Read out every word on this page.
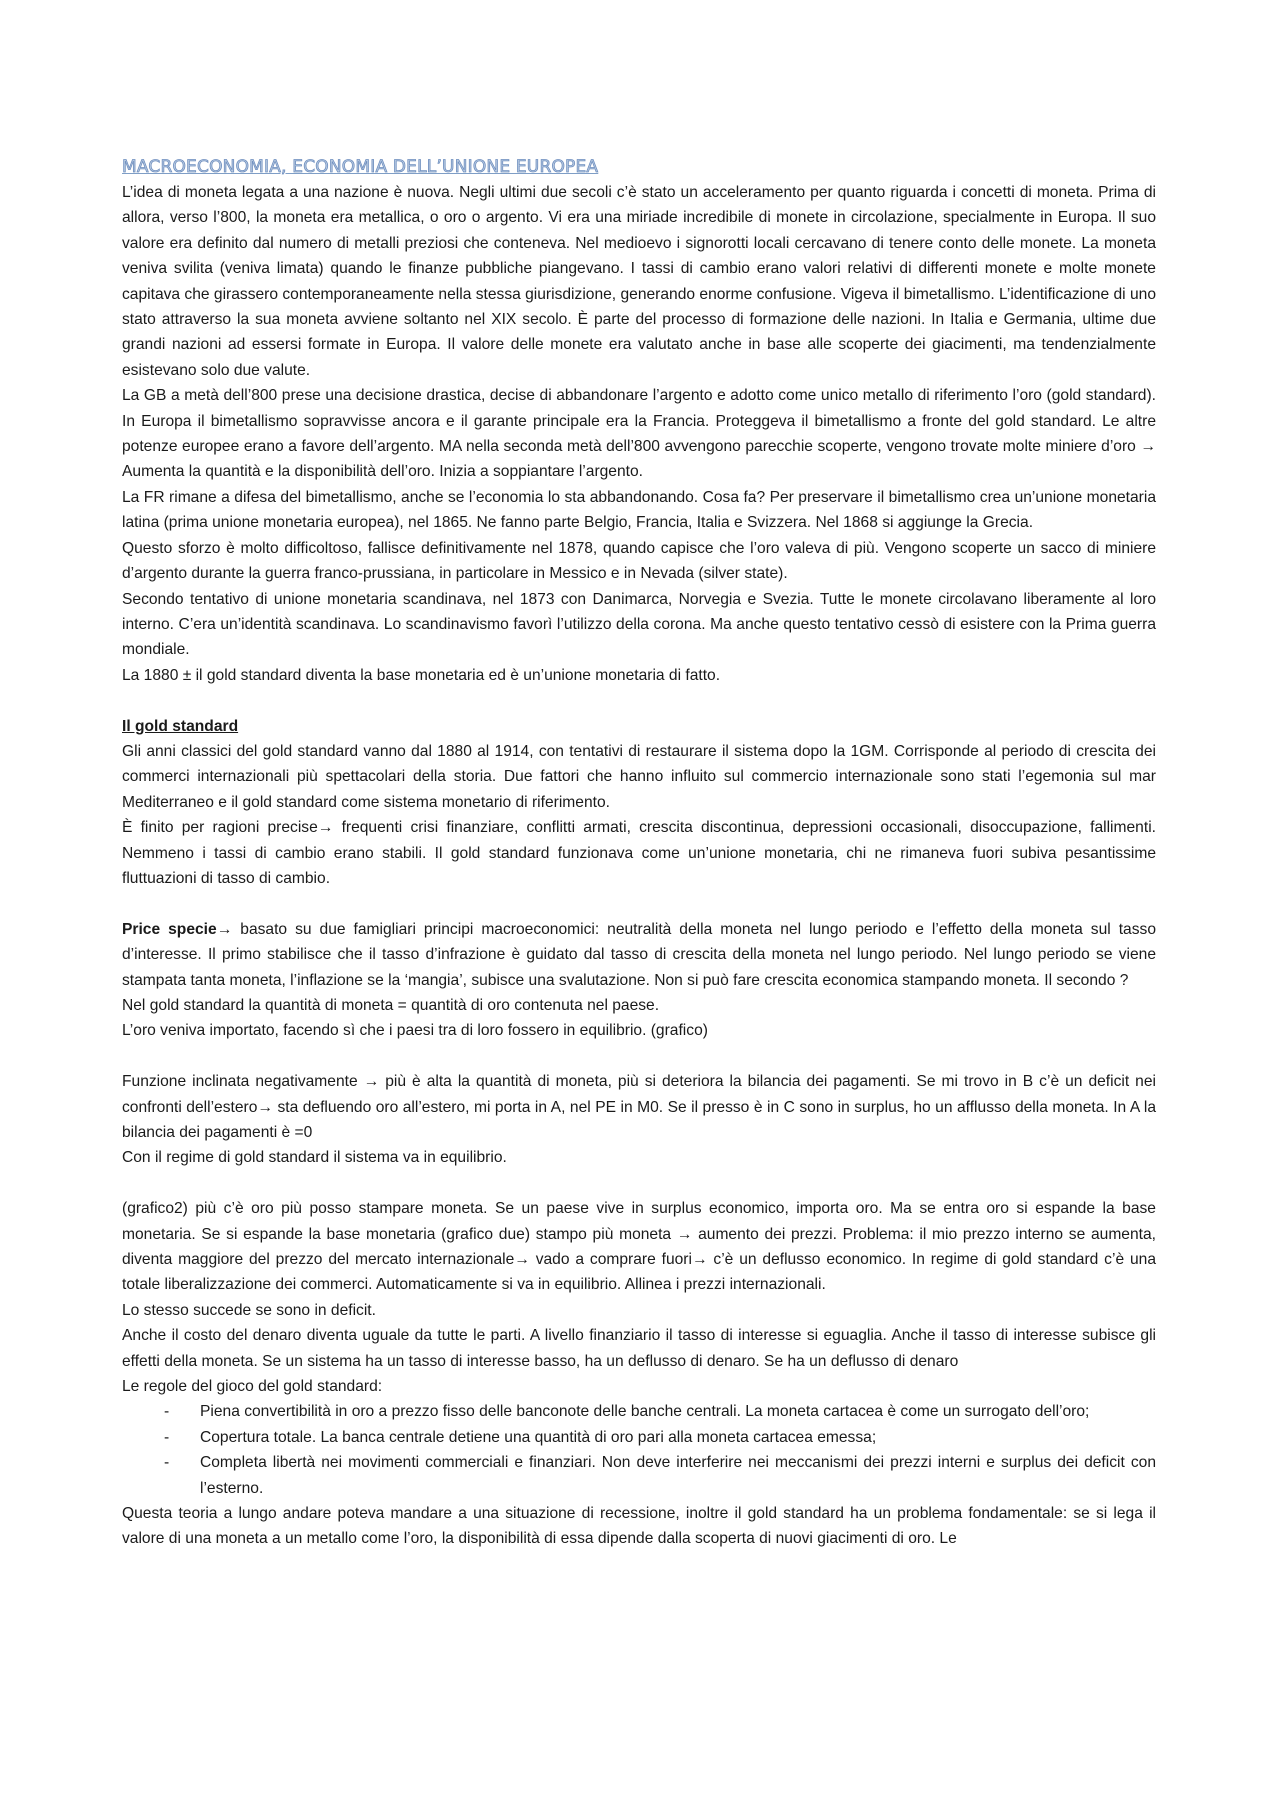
MACROECONOMIA, ECONOMIA DELL’UNIONE EUROPEA

L’idea di moneta legata a una nazione è nuova. Negli ultimi due secoli c’è stato un acceleramento per quanto riguarda i concetti di moneta. Prima di allora, verso l’800, la moneta era metallica, o oro o argento. Vi era una miriade incredibile di monete in circolazione, specialmente in Europa. Il suo valore era definito dal numero di metalli preziosi che conteneva. Nel medioevo i signorotti locali cercavano di tenere conto delle monete. La moneta veniva svilita (veniva limata) quando le finanze pubbliche piangevano. I tassi di cambio erano valori relativi di differenti monete e molte monete capitava che girassero contemporaneamente nella stessa giurisdizione, generando enorme confusione. Vigeva il bimetallismo. L’identificazione di uno stato attraverso la sua moneta avviene soltanto nel XIX secolo. È parte del processo di formazione delle nazioni. In Italia e Germania, ultime due grandi nazioni ad essersi formate in Europa. Il valore delle monete era valutato anche in base alle scoperte dei giacimenti, ma tendenzialmente esistevano solo due valute.

La GB a metà dell’800 prese una decisione drastica, decise di abbandonare l’argento e adotto come unico metallo di riferimento l’oro (gold standard). In Europa il bimetallismo sopravvisse ancora e il garante principale era la Francia. Proteggeva il bimetallismo a fronte del gold standard. Le altre potenze europee erano a favore dell’argento. MA nella seconda metà dell’800 avvengono parecchie scoperte, vengono trovate molte miniere d’oro → Aumenta la quantità e la disponibilità dell’oro. Inizia a soppiantare l’argento.

La FR rimane a difesa del bimetallismo, anche se l’economia lo sta abbandonando. Cosa fa? Per preservare il bimetallismo crea un’unione monetaria latina (prima unione monetaria europea), nel 1865. Ne fanno parte Belgio, Francia, Italia e Svizzera. Nel 1868 si aggiunge la Grecia.

Questo sforzo è molto difficoltoso, fallisce definitivamente nel 1878, quando capisce che l’oro valeva di più. Vengono scoperte un sacco di miniere d’argento durante la guerra franco-prussiana, in particolare in Messico e in Nevada (silver state).

Secondo tentativo di unione monetaria scandinava, nel 1873 con Danimarca, Norvegia e Svezia. Tutte le monete circolavano liberamente al loro interno. C’era un’identità scandinava. Lo scandinavismo favorì l’utilizzo della corona. Ma anche questo tentativo cessò di esistere con la Prima guerra mondiale.

La 1880 ± il gold standard diventa la base monetaria ed è un’unione monetaria di fatto.

Il gold standard

Gli anni classici del gold standard vanno dal 1880 al 1914, con tentativi di restaurare il sistema dopo la 1GM. Corrisponde al periodo di crescita dei commerci internazionali più spettacolari della storia. Due fattori che hanno influito sul commercio internazionale sono stati l’egemonia sul mar Mediterraneo e il gold standard come sistema monetario di riferimento.

È finito per ragioni precise→ frequenti crisi finanziare, conflitti armati, crescita discontinua, depressioni occasionali, disoccupazione, fallimenti. Nemmeno i tassi di cambio erano stabili. Il gold standard funzionava come un’unione monetaria, chi ne rimaneva fuori subiva pesantissime fluttuazioni di tasso di cambio.

Price specie→ basato su due famigliari principi macroeconomici: neutralità della moneta nel lungo periodo e l’effetto della moneta sul tasso d’interesse. Il primo stabilisce che il tasso d’infrazione è guidato dal tasso di crescita della moneta nel lungo periodo. Nel lungo periodo se viene stampata tanta moneta, l’inflazione se la ‘mangia’, subisce una svalutazione. Non si può fare crescita economica stampando moneta. Il secondo ?

Nel gold standard la quantità di moneta = quantità di oro contenuta nel paese.

L’oro veniva importato, facendo sì che i paesi tra di loro fossero in equilibrio. (grafico)

Funzione inclinata negativamente → più è alta la quantità di moneta, più si deteriora la bilancia dei pagamenti. Se mi trovo in B c’è un deficit nei confronti dell’estero→ sta defluendo oro all’estero, mi porta in A, nel PE in M0. Se il presso è in C sono in surplus, ho un afflusso della moneta. In A la bilancia dei pagamenti è =0

Con il regime di gold standard il sistema va in equilibrio.

(grafico2) più c’è oro più posso stampare moneta. Se un paese vive in surplus economico, importa oro. Ma se entra oro si espande la base monetaria. Se si espande la base monetaria (grafico due) stampo più moneta → aumento dei prezzi. Problema: il mio prezzo interno se aumenta, diventa maggiore del prezzo del mercato internazionale→ vado a comprare fuori→ c’è un deflusso economico. In regime di gold standard c’è una totale liberalizzazione dei commerci. Automaticamente si va in equilibrio. Allinea i prezzi internazionali.

Lo stesso succede se sono in deficit.

Anche il costo del denaro diventa uguale da tutte le parti. A livello finanziario il tasso di interesse si eguaglia. Anche il tasso di interesse subisce gli effetti della moneta. Se un sistema ha un tasso di interesse basso, ha un deflusso di denaro. Se ha un deflusso di denaro

Le regole del gioco del gold standard:

- Piena convertibilità in oro a prezzo fisso delle banconote delle banche centrali. La moneta cartacea è come un surrogato dell’oro;
- Copertura totale. La banca centrale detiene una quantità di oro pari alla moneta cartacea emessa;
- Completa libertà nei movimenti commerciali e finanziari. Non deve interferire nei meccanismi dei prezzi interni e surplus dei deficit con l’esterno.

Questa teoria a lungo andare poteva mandare a una situazione di recessione, inoltre il gold standard ha un problema fondamentale: se si lega il valore di una moneta a un metallo come l’oro, la disponibilità di essa dipende dalla scoperta di nuovi giacimenti di oro. Le
